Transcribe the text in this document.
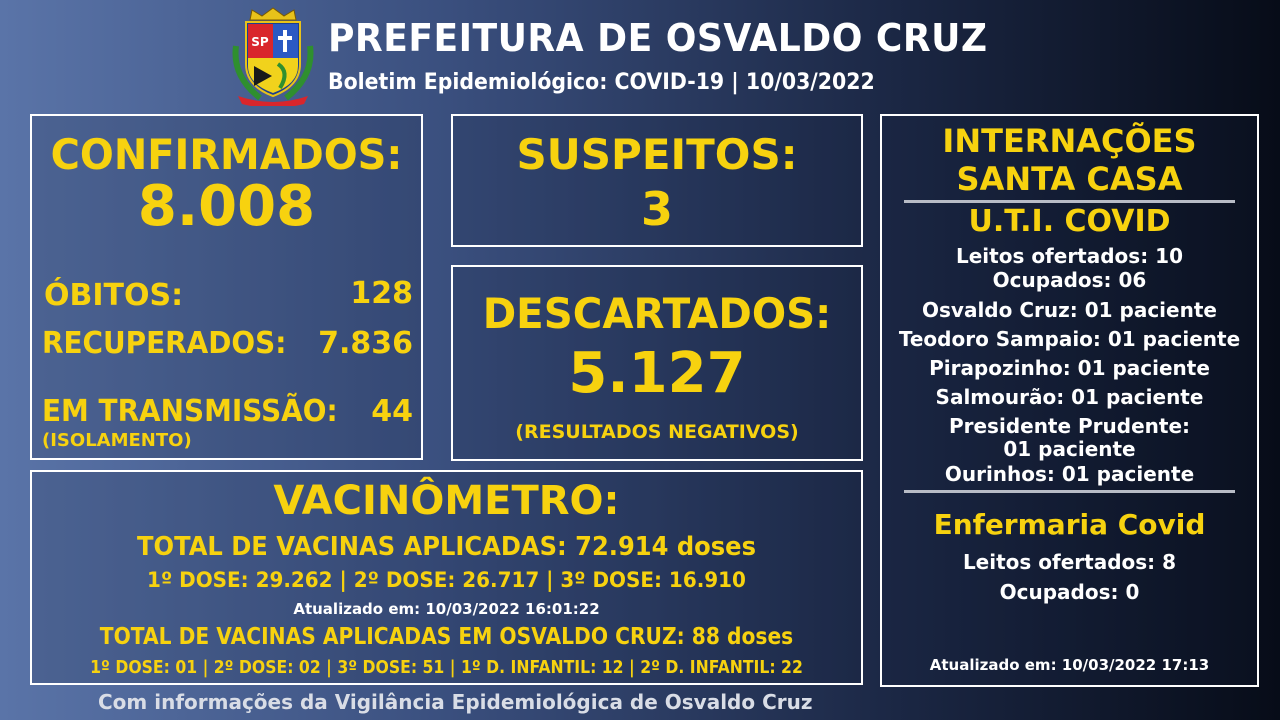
SP PREFEITURA DE OSVALDO CRUZ
Boletim Epidemiológico: COVID-19 | 10/03/2022
CONFIRMADOS:
8.008
ÓBITOS:	128
RECUPERADOS: 7.836
EM TRANSMISSÃO: 44
(ISOLAMENTO)
SUSPEITOS:
3
DESCARTADOS:
5.127
(RESULTADOS NEGATIVOS)
VACINÔMETRO:
TOTAL DE VACINAS APLICADAS: 72.914 doses
1º DOSE: 29.262 | 2º DOSE: 26.717 | 3º DOSE: 16.910
Atualizado em: 10/03/2022 16:01:22
TOTAL DE VACINAS APLICADAS EM OSVALDO CRUZ: 88 doses
1º DOSE: 01 | 2º DOSE: 02 | 3º DOSE: 51 | 1º D. INFANTIL: 12 | 2º D. INFANTIL: 22
INTERNAÇÕES
SANTA CASA
U.T.I. COVID
Leitos ofertados: 10
Ocupados: 06
Osvaldo Cruz: 01 paciente
Teodoro Sampaio: 01 paciente
Pirapozinho: 01 paciente
Salmourão: 01 paciente
Presidente Prudente:
01 paciente
Ourinhos: 01 paciente
Enfermaria Covid
Leitos ofertados: 8
Ocupados: 0
Atualizado em: 10/03/2022 17:13
Com informações da Vigilância Epidemiológica de Osvaldo Cruz
